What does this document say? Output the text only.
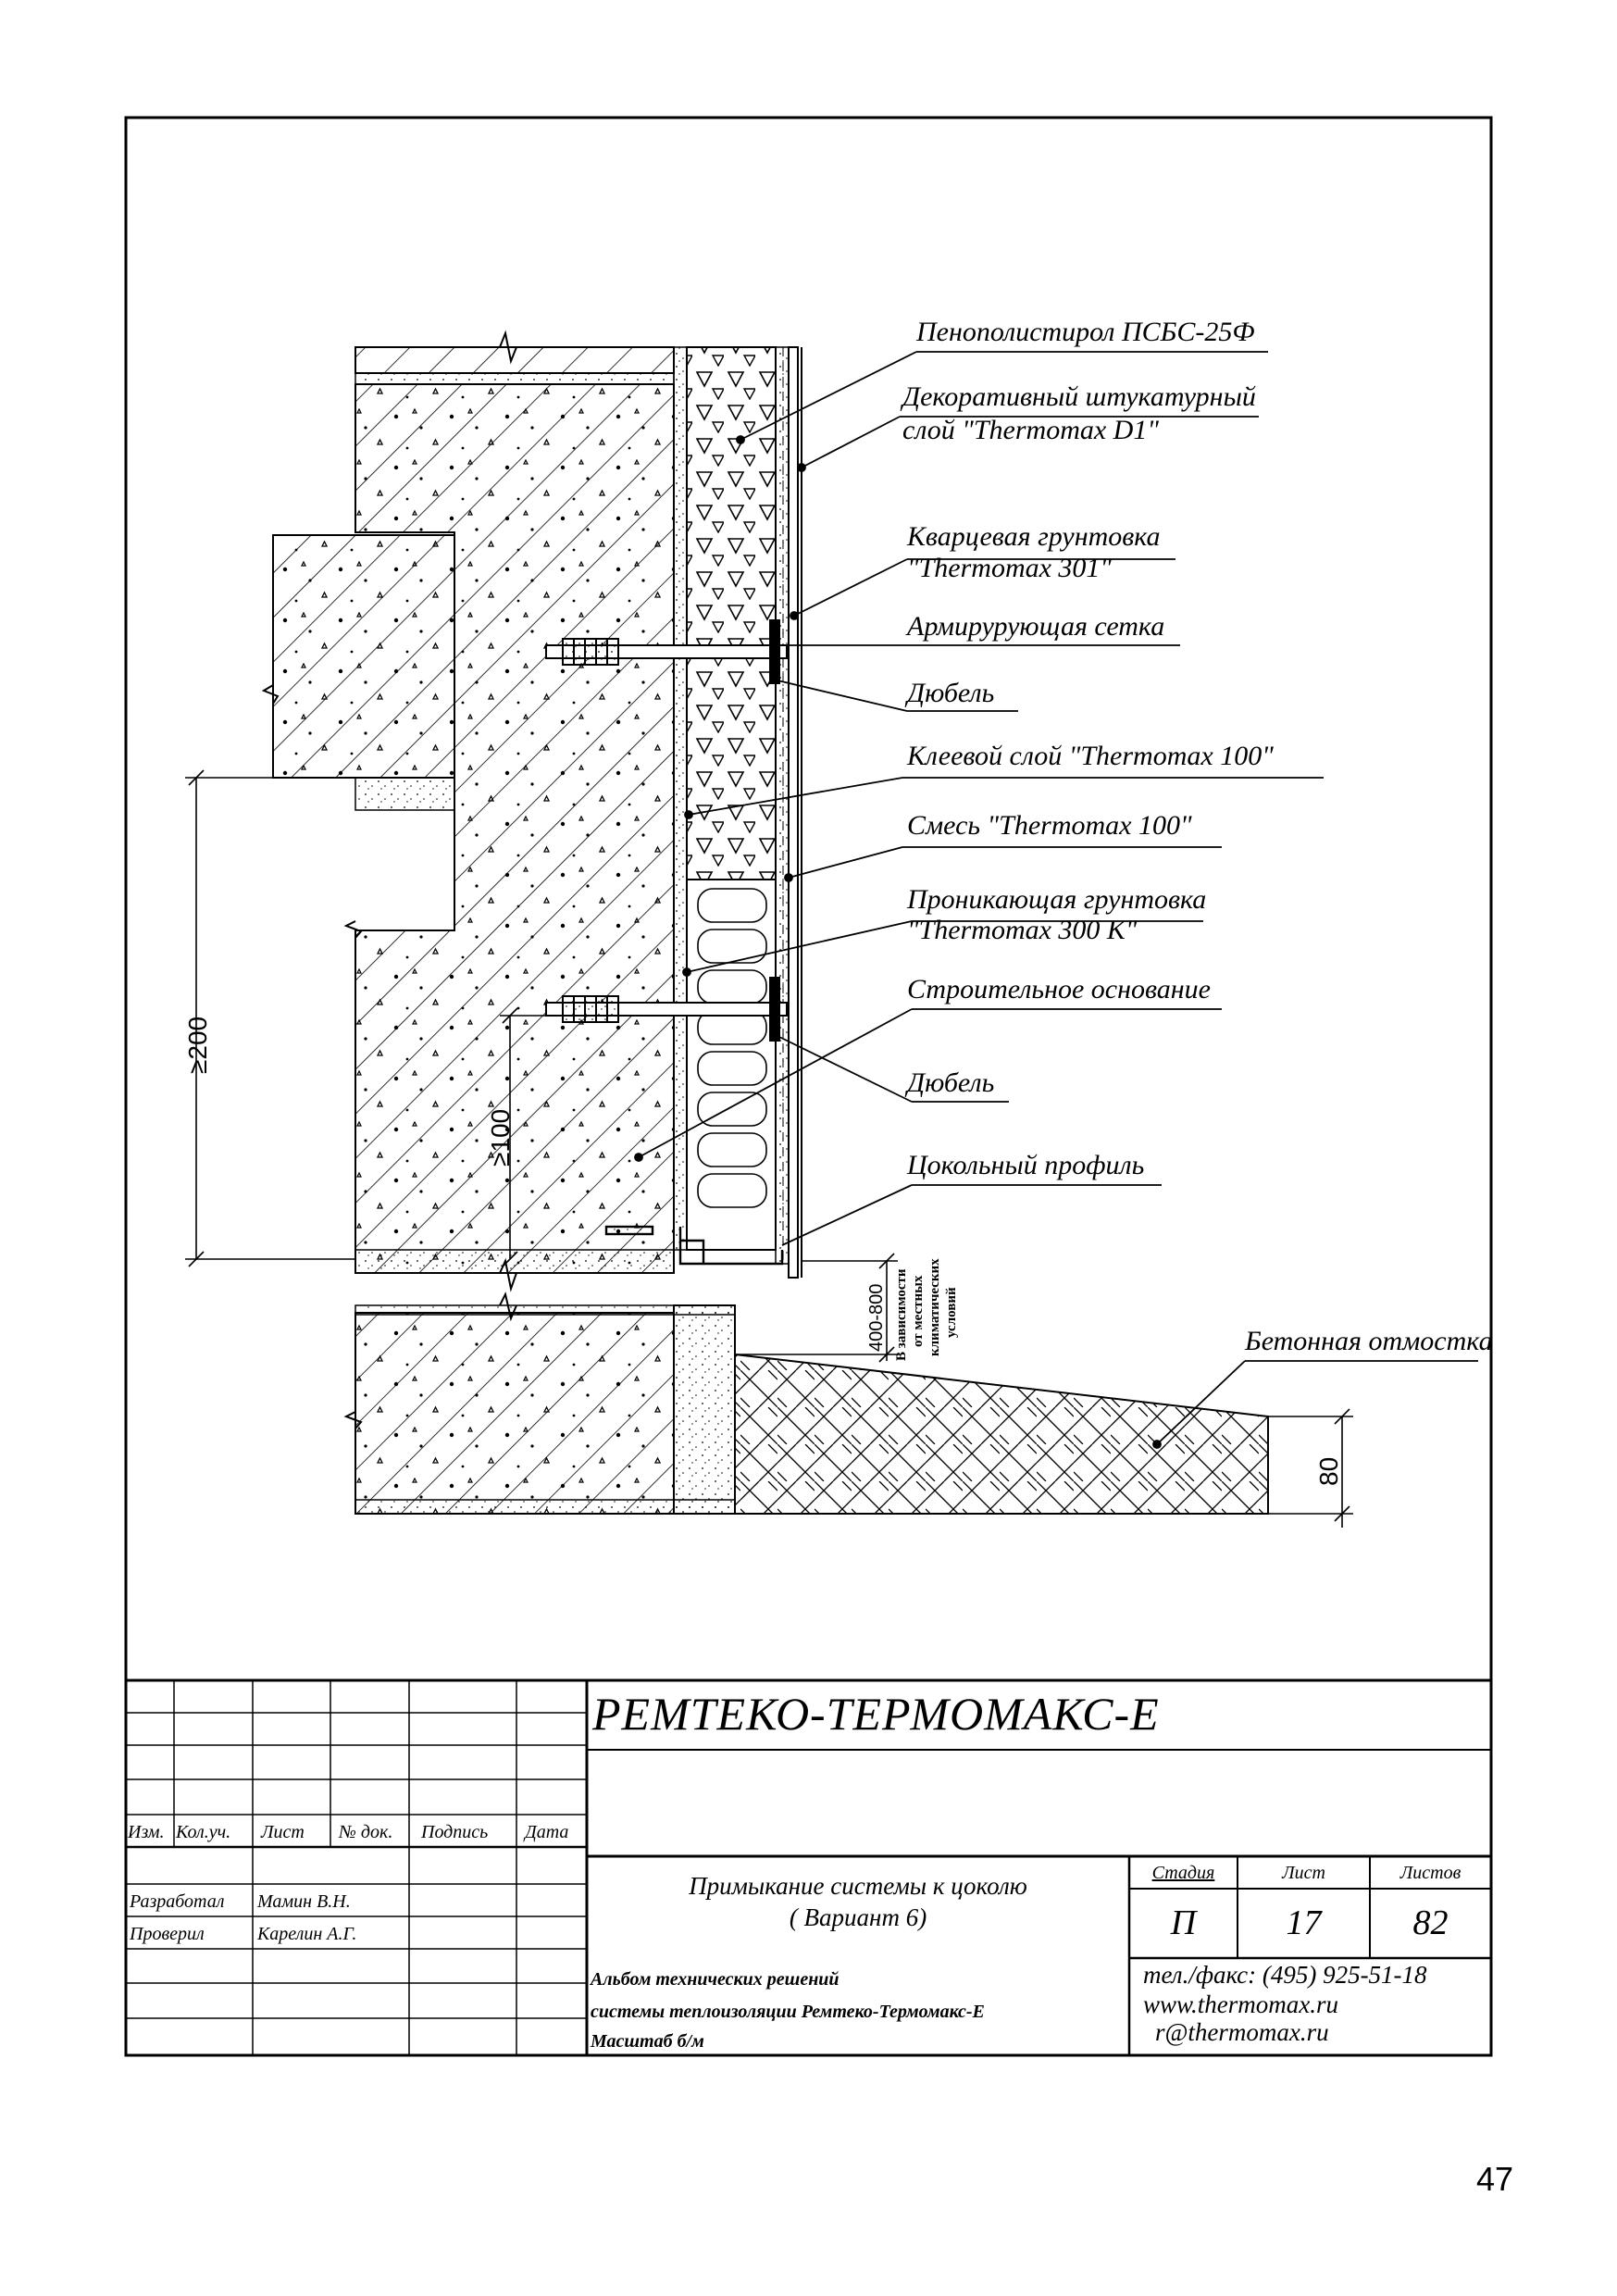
Пенополистирол ПСБС-25Ф
Декоративный штукатурный
слой "Thermomax D1"
Кварцевая грунтовка
"Thermomax 301"
Армирурующая сетка
Дюбель
Клеевой слой "Thermomax 100"
Смесь "Thermomax 100"
Проникающая грунтовка
"Thermomax 300 K"
Строительное основание
Дюбель
Цокольный профиль
Бетонная отмостка
≥200
≥100
400-800 В зависимости от местных климатических условий
80
РЕМТЕКО-ТЕРМОМАКС-Е
Изм. Кол.уч. Лист № док. Подпись Дата
Разработал Мамин В.Н.
Проверил	Карелин А.Г.
Примыкание системы к цоколю
( Вариант 6)
Стадия	Лист	Листов
П	17	82
Альбом технических решений
системы теплоизоляции Ремтеко-Термомакс-Е
Масштаб б/м
тел./факс: (495) 925-51-18
www.thermomax.ru
r@thermomax.ru
47
